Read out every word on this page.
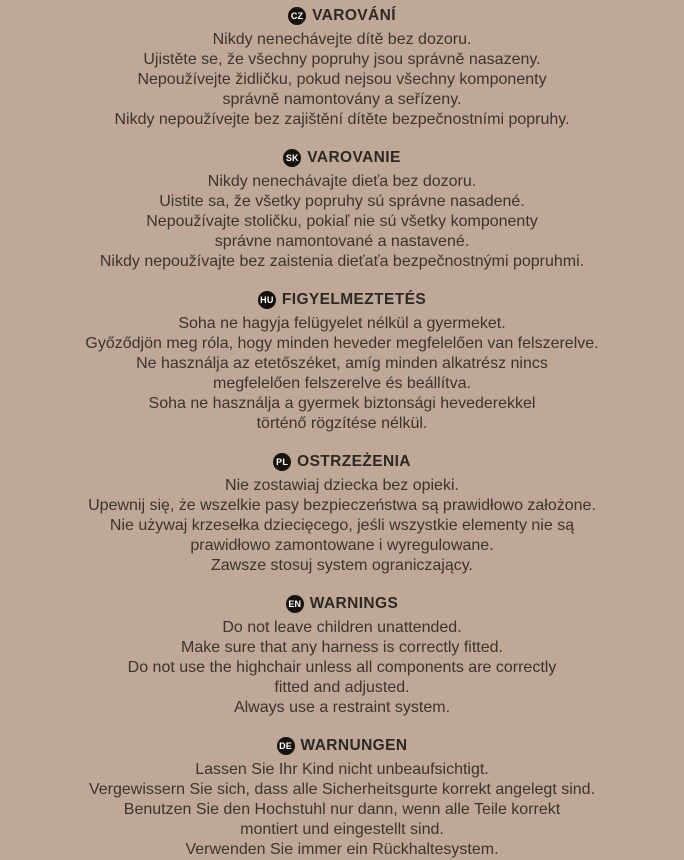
CZ VAROVÁNÍ

Nikdy nenechávejte dítě bez dozoru.

Ujistěte se, že všechny popruhy jsou správně nasazeny.

Nepoužívejte židličku, pokud nejsou všechny komponenty

správně namontovány a seřízeny.

Nikdy nepoužívejte bez zajištění dítěte bezpečnostními popruhy.

SK VAROVANIE

Nikdy nenechávajte dieťa bez dozoru.

Uistite sa, že všetky popruhy sú správne nasadené.

Nepoužívajte stoličku, pokiaľ nie sú všetky komponenty

správne namontované a nastavené.

Nikdy nepoužívajte bez zaistenia dieťaťa bezpečnostnými popruhmi.

HU FIGYELMEZTETÉS

Soha ne hagyja felügyelet nélkül a gyermeket.

Győződjön meg róla, hogy minden heveder megfelelően van felszerelve.

Ne használja az etetőszéket, amíg minden alkatrész nincs

megfelelően felszerelve és beállítva.

Soha ne használja a gyermek biztonsági hevederekkel

történő rögzítése nélkül.

PL OSTRZEŻENIA

Nie zostawiaj dziecka bez opieki.

Upewnij się, że wszelkie pasy bezpieczeństwa są prawidłowo założone.

Nie używaj krzesełka dziecięcego, jeśli wszystkie elementy nie są

prawidłowo zamontowane i wyregulowane.

Zawsze stosuj system ograniczający.

EN WARNINGS

Do not leave children unattended.

Make sure that any harness is correctly fitted.

Do not use the highchair unless all components are correctly

fitted and adjusted.

Always use a restraint system.

DE WARNUNGEN

Lassen Sie Ihr Kind nicht unbeaufsichtigt.

Vergewissern Sie sich, dass alle Sicherheitsgurte korrekt angelegt sind.

Benutzen Sie den Hochstuhl nur dann, wenn alle Teile korrekt

montiert und eingestellt sind.

Verwenden Sie immer ein Rückhaltesystem.
